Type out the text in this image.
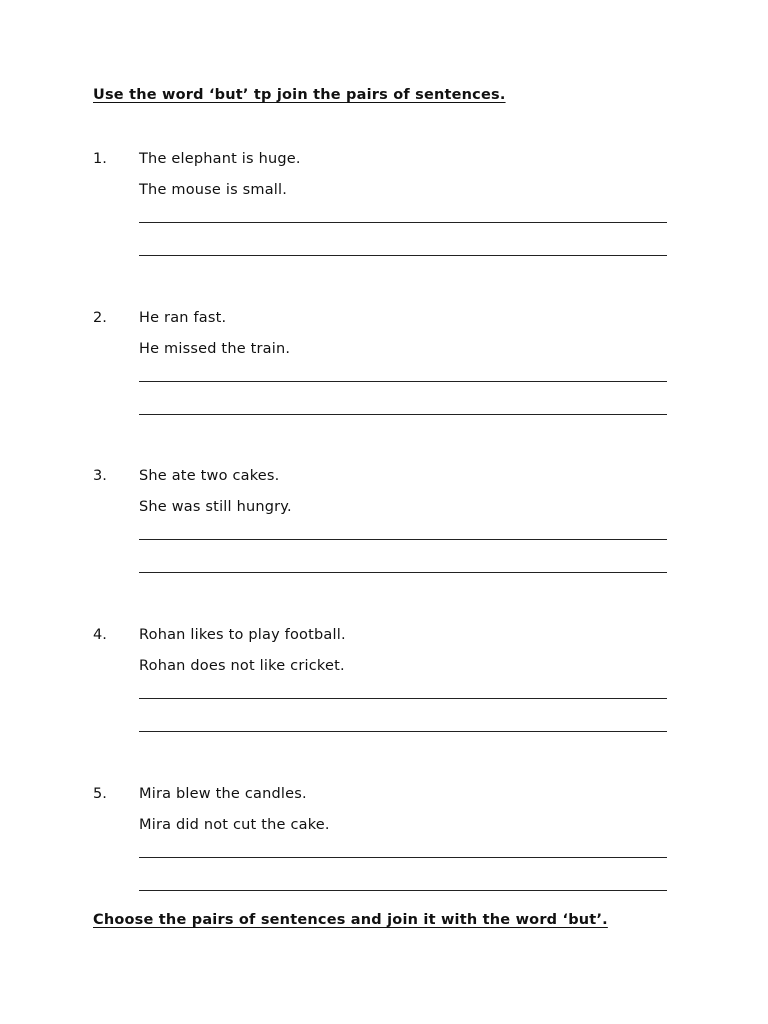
Use the word ‘but’ tp join the pairs of sentences.
1. The elephant is huge.
The mouse is small.
2. He ran fast.
He missed the train.
3. She ate two cakes.
She was still hungry.
4. Rohan likes to play football.
Rohan does not like cricket.
5. Mira blew the candles.
Mira did not cut the cake.
Choose the pairs of sentences and join it with the word ‘but’.
